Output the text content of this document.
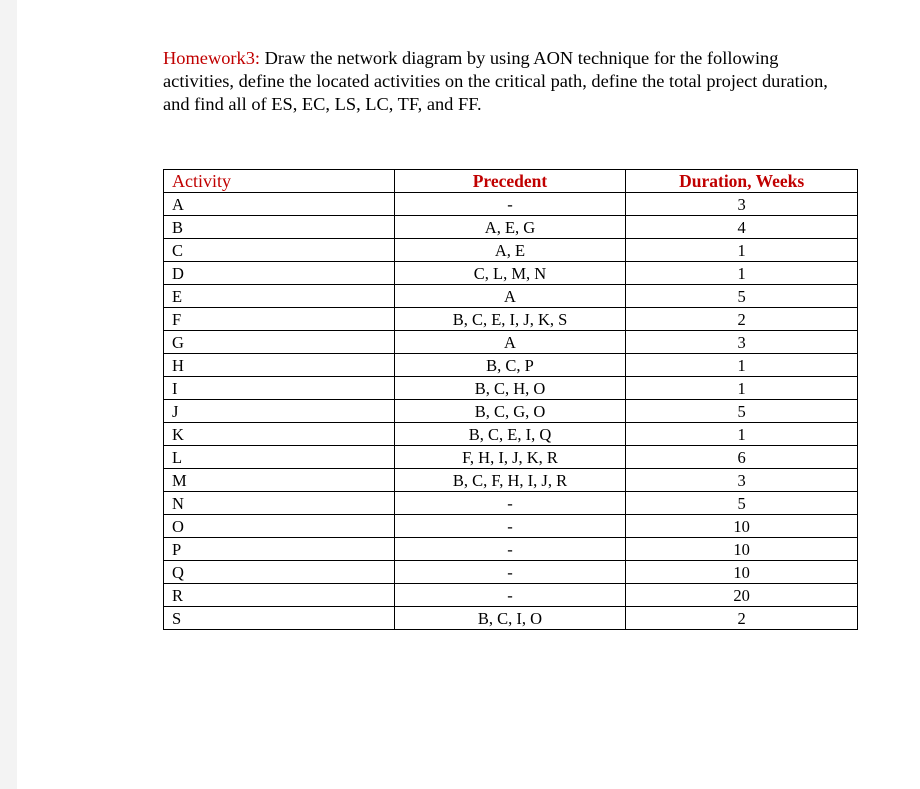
Homework3: Draw the network diagram by using AON technique for the following activities, define the located activities on the critical path, define the total project duration, and find all of ES, EC, LS, LC, TF, and FF.

Activity	Precedent	Duration, Weeks
A	-	3
B	A, E, G	4
C	A, E	1
D	C, L, M, N	1
E	A	5
F	B, C, E, I, J, K, S	2
G	A	3
H	B, C, P	1
I	B, C, H, O	1
J	B, C, G, O	5
K	B, C, E, I, Q	1
L	F, H, I, J, K, R	6
M	B, C, F, H, I, J, R	3
N	-	5
O	-	10
P	-	10
Q	-	10
R	-	20
S	B, C, I, O	2
